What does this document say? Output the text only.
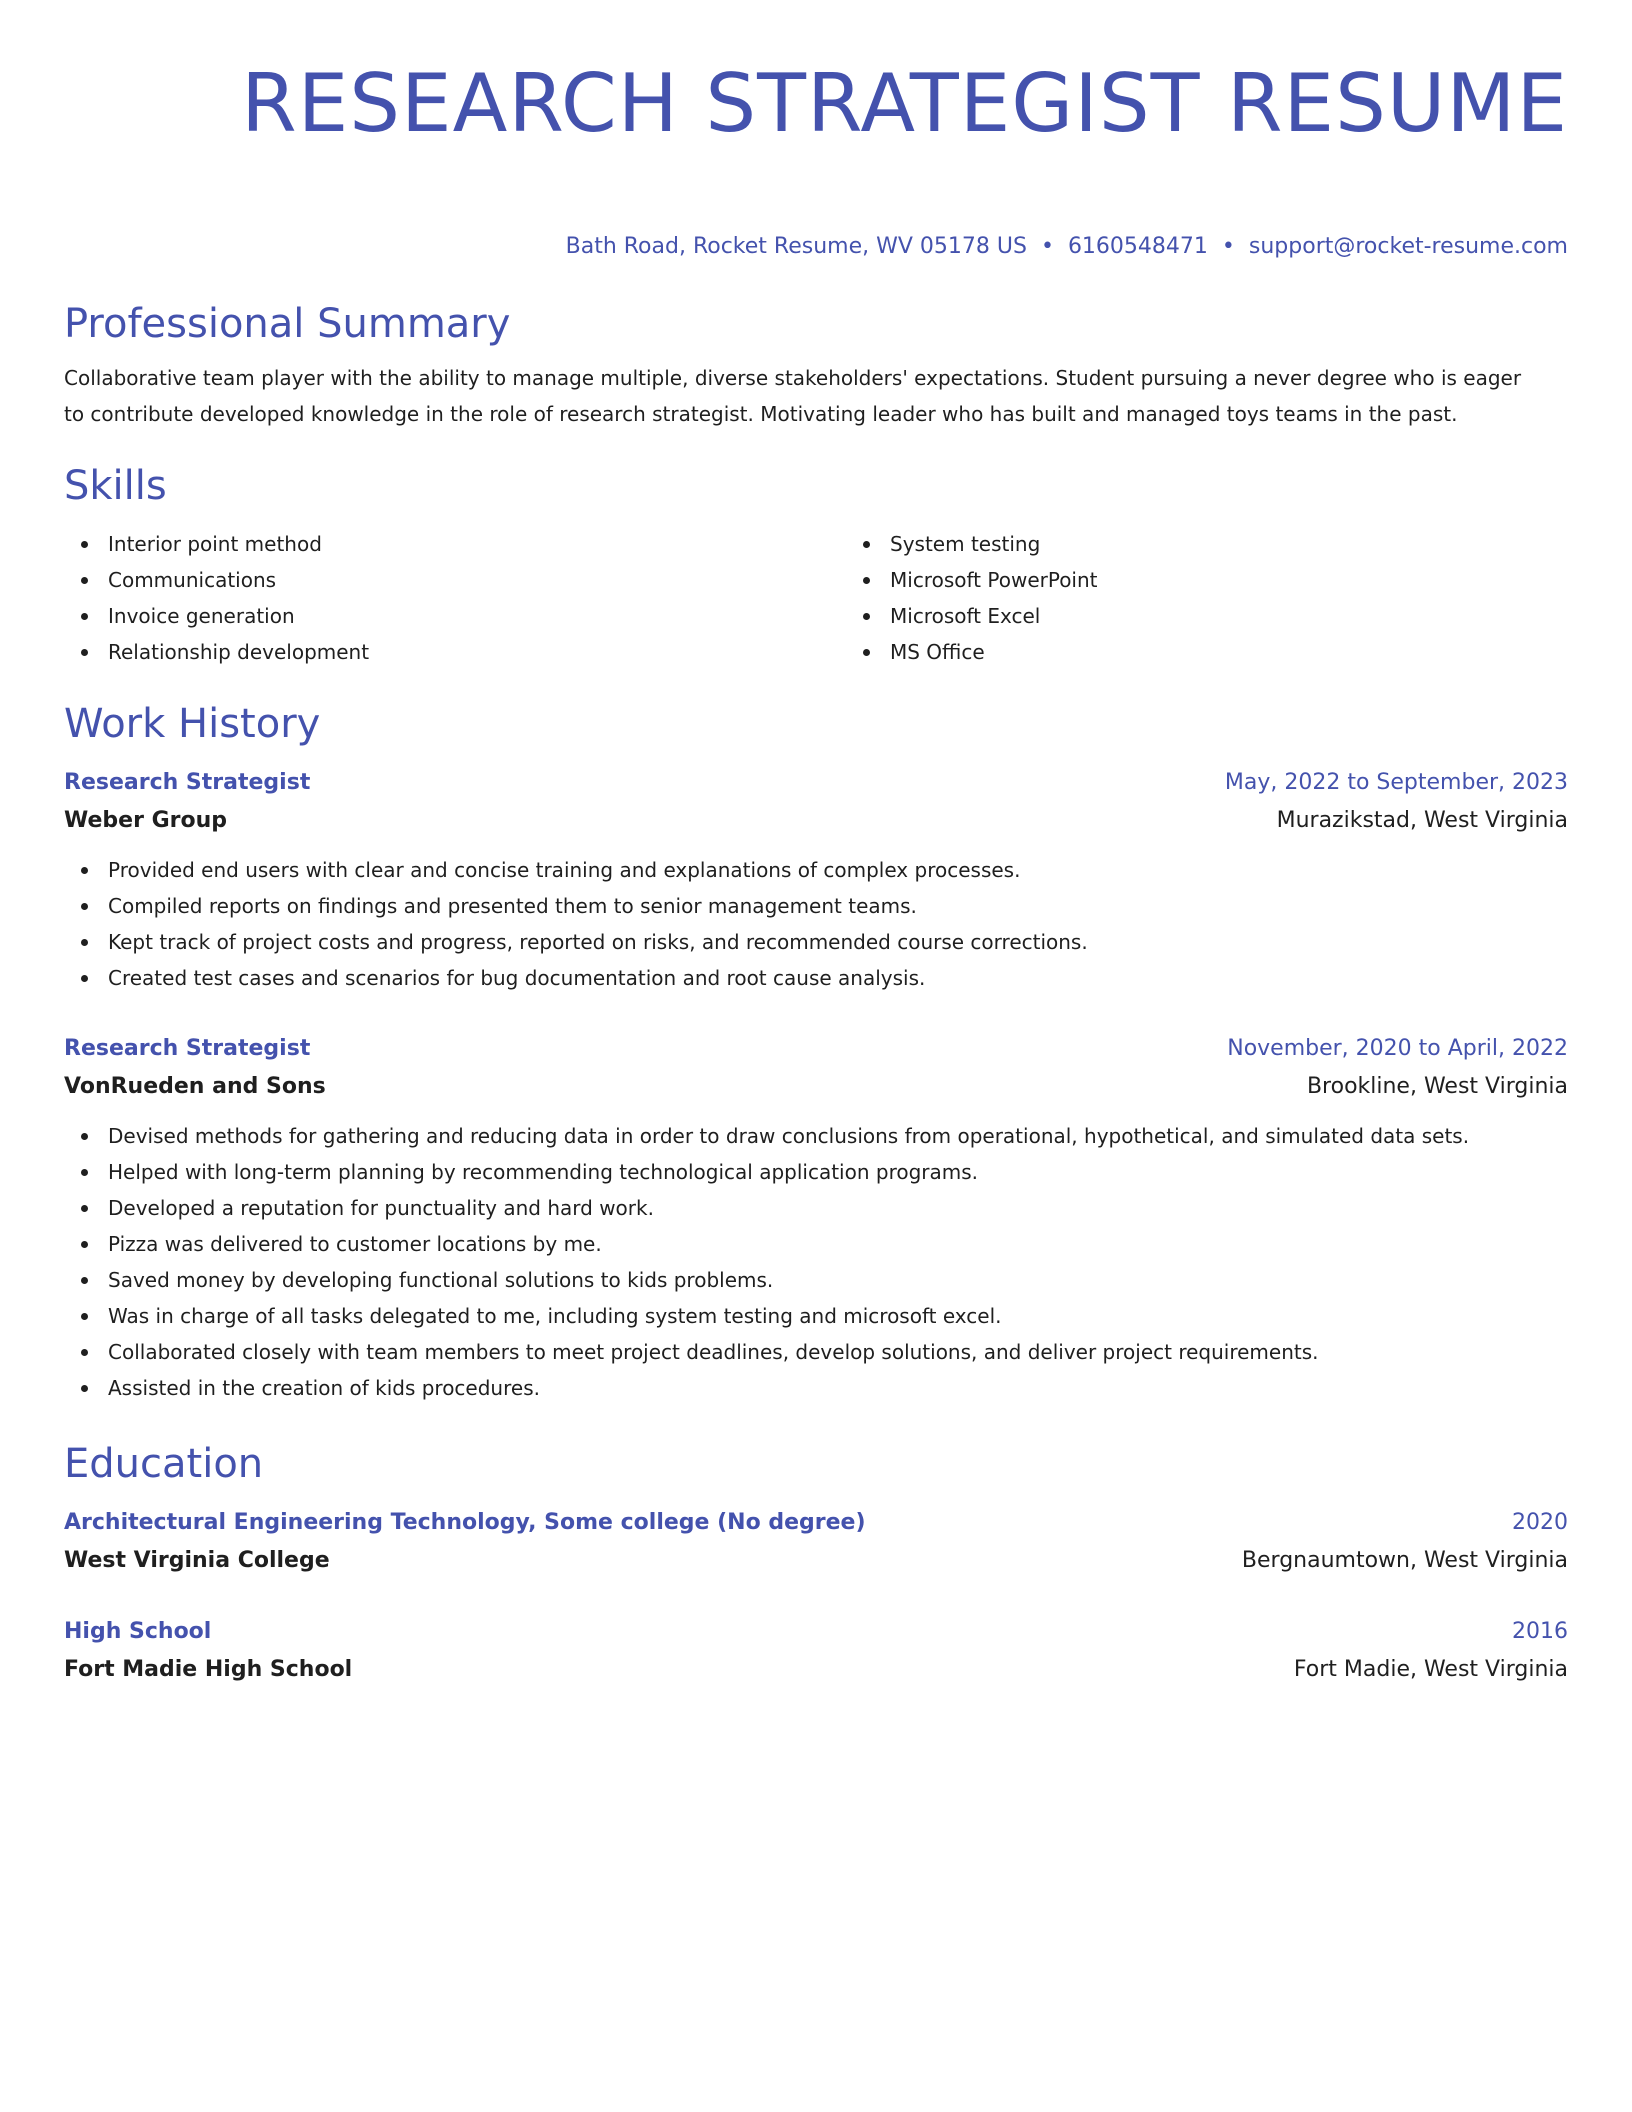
RESEARCH STRATEGIST RESUME
Bath Road, Rocket Resume, WV 05178 US • 6160548471 • support@rocket-resume.com
Professional Summary
Collaborative team player with the ability to manage multiple, diverse stakeholders' expectations. Student pursuing a never degree who is eager to contribute developed knowledge in the role of research strategist. Motivating leader who has built and managed toys teams in the past.
Skills
Interior point method
Communications
Invoice generation
Relationship development
System testing
Microsoft PowerPoint
Microsoft Excel
MS Office
Work History
Research Strategist	May, 2022 to September, 2023
Weber Group	Murazikstad, West Virginia
Provided end users with clear and concise training and explanations of complex processes.
Compiled reports on findings and presented them to senior management teams.
Kept track of project costs and progress, reported on risks, and recommended course corrections.
Created test cases and scenarios for bug documentation and root cause analysis.
Research Strategist	November, 2020 to April, 2022
VonRueden and Sons	Brookline, West Virginia
Devised methods for gathering and reducing data in order to draw conclusions from operational, hypothetical, and simulated data sets.
Helped with long-term planning by recommending technological application programs.
Developed a reputation for punctuality and hard work.
Pizza was delivered to customer locations by me.
Saved money by developing functional solutions to kids problems.
Was in charge of all tasks delegated to me, including system testing and microsoft excel.
Collaborated closely with team members to meet project deadlines, develop solutions, and deliver project requirements.
Assisted in the creation of kids procedures.
Education
Architectural Engineering Technology, Some college (No degree)	2020
West Virginia College	Bergnaumtown, West Virginia
High School	2016
Fort Madie High School	Fort Madie, West Virginia
